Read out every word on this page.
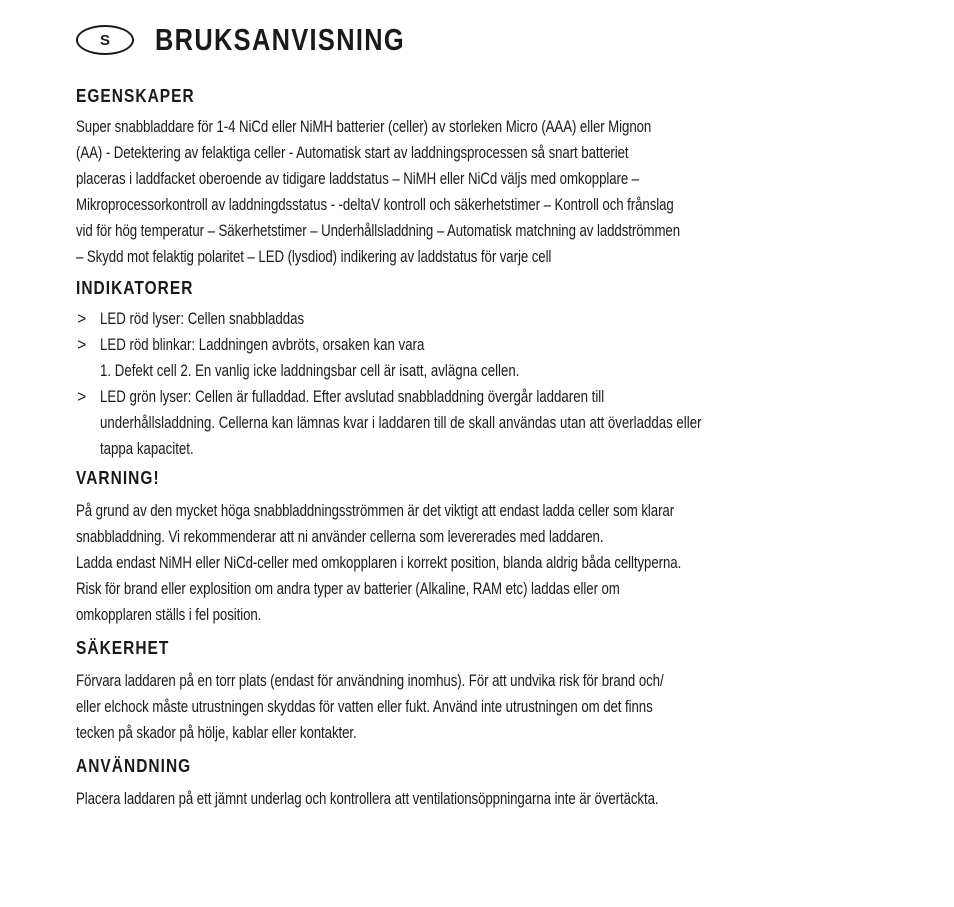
S	BRUKSANVISNING
EGENSKAPER

Super snabbladdare för 1-4 NiCd eller NiMH batterier (celler) av storleken Micro (AAA) eller Mignon
(AA) - Detektering av felaktiga celler - Automatisk start av laddningsprocessen så snart batteriet
placeras i laddfacket oberoende av tidigare laddstatus – NiMH eller NiCd väljs med omkopplare –
Mikroprocessorkontroll av laddningdsstatus - -deltaV kontroll och säkerhetstimer – Kontroll och frånslag
vid för hög temperatur – Säkerhetstimer – Underhållsladdning – Automatisk matchning av laddströmmen
– Skydd mot felaktig polaritet – LED (lysdiod) indikering av laddstatus för varje cell

INDIKATORER
> LED röd lyser: Cellen snabbladdas
> LED röd blinkar: Laddningen avbröts, orsaken kan vara
1. Defekt cell 2. En vanlig icke laddningsbar cell är isatt, avlägna cellen.
> LED grön lyser: Cellen är fulladdad. Efter avslutad snabbladdning övergår laddaren till
underhållsladdning. Cellerna kan lämnas kvar i laddaren till de skall användas utan att överladdas eller
tappa kapacitet.
VARNING!

På grund av den mycket höga snabbladdningsströmmen är det viktigt att endast ladda celler som klarar
snabbladdning. Vi rekommenderar att ni använder cellerna som levererades med laddaren.
Ladda endast NiMH eller NiCd-celler med omkopplaren i korrekt position, blanda aldrig båda celltyperna.
Risk för brand eller explosition om andra typer av batterier (Alkaline, RAM etc) laddas eller om
omkopplaren ställs i fel position.

SÄKERHET

Förvara laddaren på en torr plats (endast för användning inomhus). För att undvika risk för brand och/
eller elchock måste utrustningen skyddas för vatten eller fukt. Använd inte utrustningen om det finns
tecken på skador på hölje, kablar eller kontakter.

ANVÄNDNING

Placera laddaren på ett jämnt underlag och kontrollera att ventilationsöppningarna inte är övertäckta.
